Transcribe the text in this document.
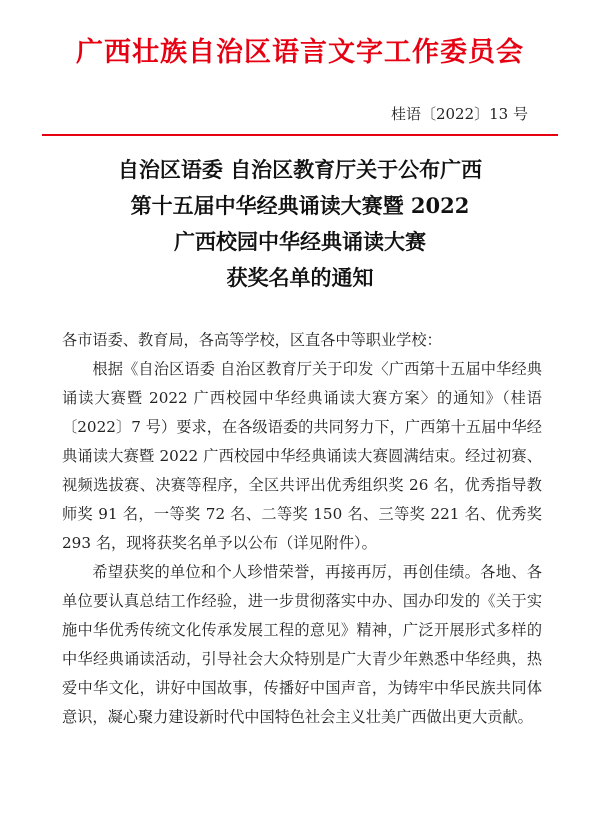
广西壮族自治区语言文字工作委员会
桂语〔2022〕13 号
自治区语委 自治区教育厅关于公布广西
第十五届中华经典诵读大赛暨 2022
广西校园中华经典诵读大赛
获奖名单的通知

各市语委、教育局，各高等学校，区直各中等职业学校：

根据《自治区语委 自治区教育厅关于印发〈广西第十五届中华经典诵读大赛暨 2022 广西校园中华经典诵读大赛方案〉的通知》（桂语〔2022〕7 号）要求，在各级语委的共同努力下，广西第十五届中华经典诵读大赛暨 2022 广西校园中华经典诵读大赛圆满结束。经过初赛、视频选拔赛、决赛等程序，全区共评出优秀组织奖 26 名，优秀指导教师奖 91 名，一等奖 72 名、二等奖 150 名、三等奖 221 名、优秀奖 293 名，现将获奖名单予以公布（详见附件）。

希望获奖的单位和个人珍惜荣誉，再接再厉，再创佳绩。各地、各单位要认真总结工作经验，进一步贯彻落实中办、国办印发的《关于实施中华优秀传统文化传承发展工程的意见》精神，广泛开展形式多样的中华经典诵读活动，引导社会大众特别是广大青少年熟悉中华经典，热爱中华文化，讲好中国故事，传播好中国声音，为铸牢中华民族共同体意识，凝心聚力建设新时代中国特色社会主义壮美广西做出更大贡献。
